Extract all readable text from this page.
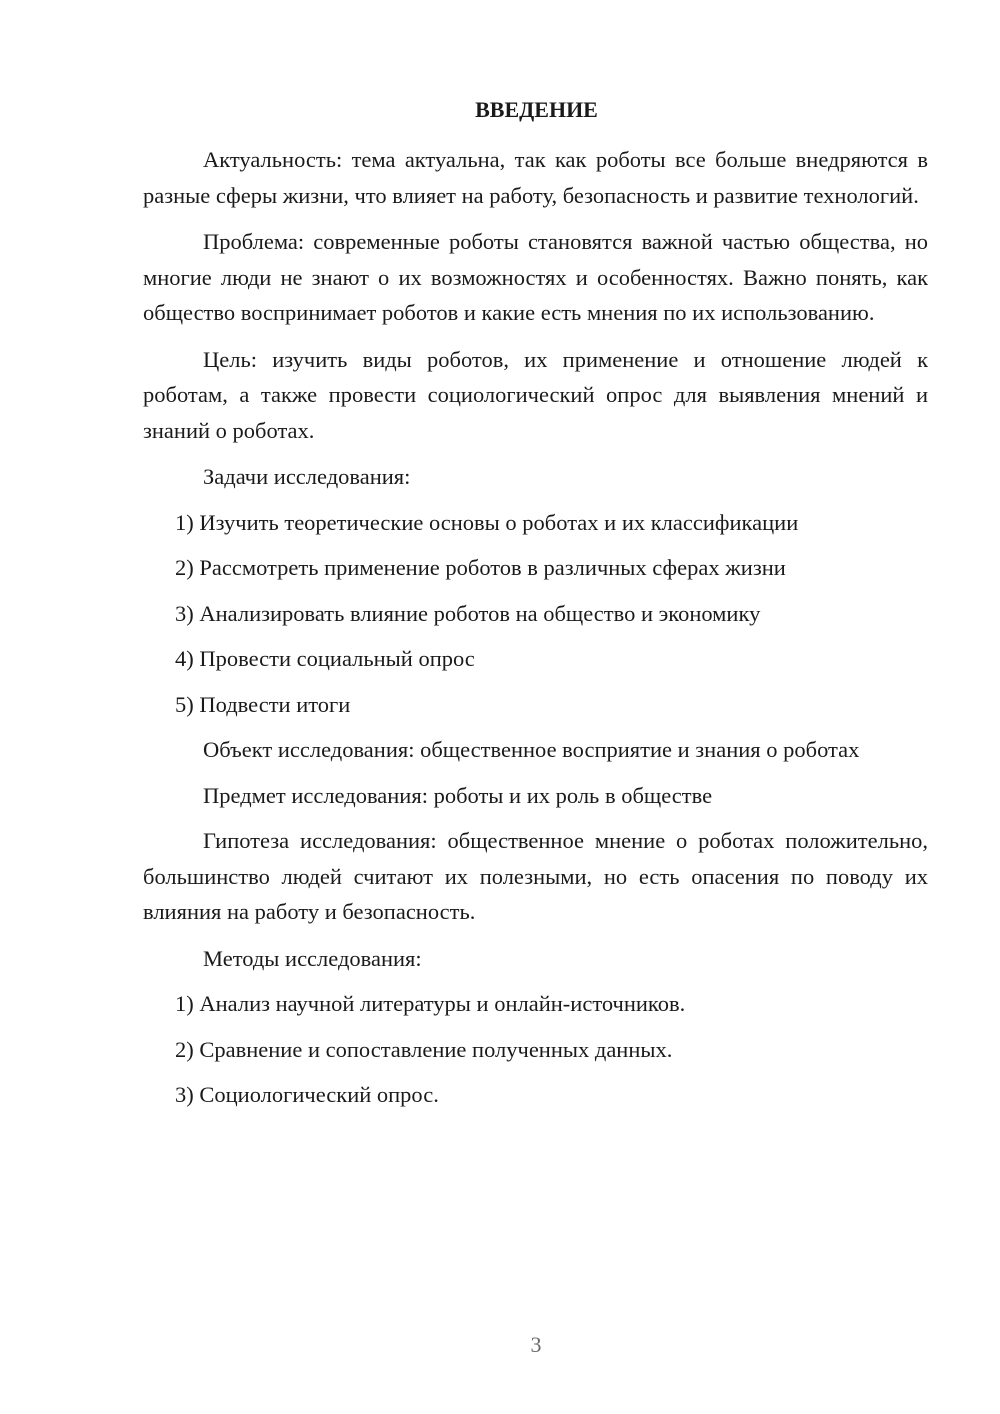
ВВЕДЕНИЕ

Актуальность: тема актуальна, так как роботы все больше внедряются в разные сферы жизни, что влияет на работу, безопасность и развитие технологий.

Проблема: современные роботы становятся важной частью общества, но многие люди не знают о их возможностях и особенностях. Важно понять, как общество воспринимает роботов и какие есть мнения по их использованию.

Цель: изучить виды роботов, их применение и отношение людей к роботам, а также провести социологический опрос для выявления мнений и знаний о роботах.

Задачи исследования:

1) Изучить теоретические основы о роботах и их классификации
2) Рассмотреть применение роботов в различных сферах жизни
3) Анализировать влияние роботов на общество и экономику
4) Провести социальный опрос
5) Подвести итоги

Объект исследования: общественное восприятие и знания о роботах

Предмет исследования: роботы и их роль в обществе

Гипотеза исследования: общественное мнение о роботах положительно, большинство людей считают их полезными, но есть опасения по поводу их влияния на работу и безопасность.

Методы исследования:

1) Анализ научной литературы и онлайн-источников.
2) Сравнение и сопоставление полученных данных.
3) Социологический опрос.
3
